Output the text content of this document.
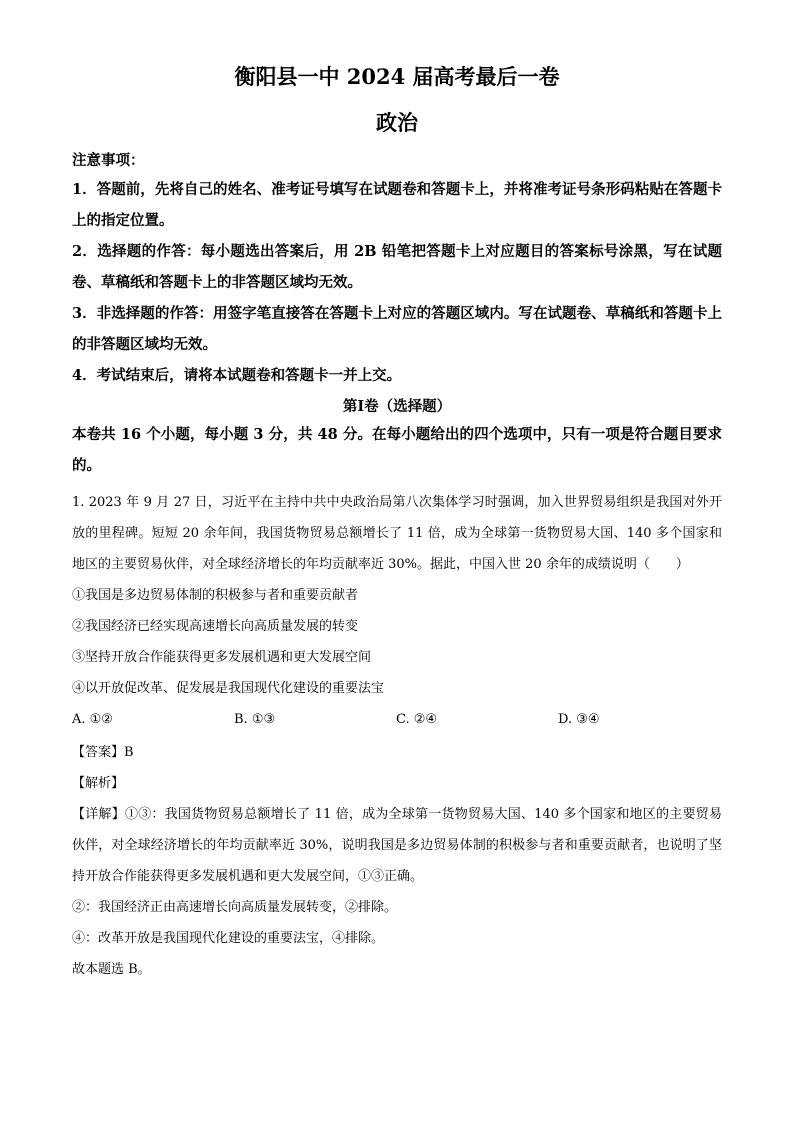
衡阳县一中 2024 届高考最后一卷
政治
注意事项：

1．答题前，先将自己的姓名、准考证号填写在试题卷和答题卡上，并将准考证号条形码粘贴在答题卡上的指定位置。

2．选择题的作答：每小题选出答案后，用 2B 铅笔把答题卡上对应题目的答案标号涂黑，写在试题卷、草稿纸和答题卡上的非答题区域均无效。

3．非选择题的作答：用签字笔直接答在答题卡上对应的答题区域内。写在试题卷、草稿纸和答题卡上的非答题区域均无效。

4．考试结束后，请将本试题卷和答题卡一并上交。

第Ⅰ卷（选择题）

本卷共 16 个小题，每小题 3 分，共 48 分。在每小题给出的四个选项中，只有一项是符合题目要求的。

1. 2023 年 9 月 27 日，习近平在主持中共中央政治局第八次集体学习时强调，加入世界贸易组织是我国对外开放的里程碑。短短 20 余年间，我国货物贸易总额增长了 11 倍，成为全球第一货物贸易大国、140 多个国家和地区的主要贸易伙伴，对全球经济增长的年均贡献率近 30%。据此，中国入世 20 余年的成绩说明（　　）

①我国是多边贸易体制的积极参与者和重要贡献者

②我国经济已经实现高速增长向高质量发展的转变

③坚持开放合作能获得更多发展机遇和更大发展空间

④以开放促改革、促发展是我国现代化建设的重要法宝

A. ①②	B. ①③	C. ②④	D. ③④

【答案】B

【解析】

【详解】①③：我国货物贸易总额增长了 11 倍，成为全球第一货物贸易大国、140 多个国家和地区的主要贸易伙伴，对全球经济增长的年均贡献率近 30%，说明我国是多边贸易体制的积极参与者和重要贡献者，也说明了坚持开放合作能获得更多发展机遇和更大发展空间，①③正确。

②：我国经济正由高速增长向高质量发展转变，②排除。

④：改革开放是我国现代化建设的重要法宝，④排除。

故本题选 B。
